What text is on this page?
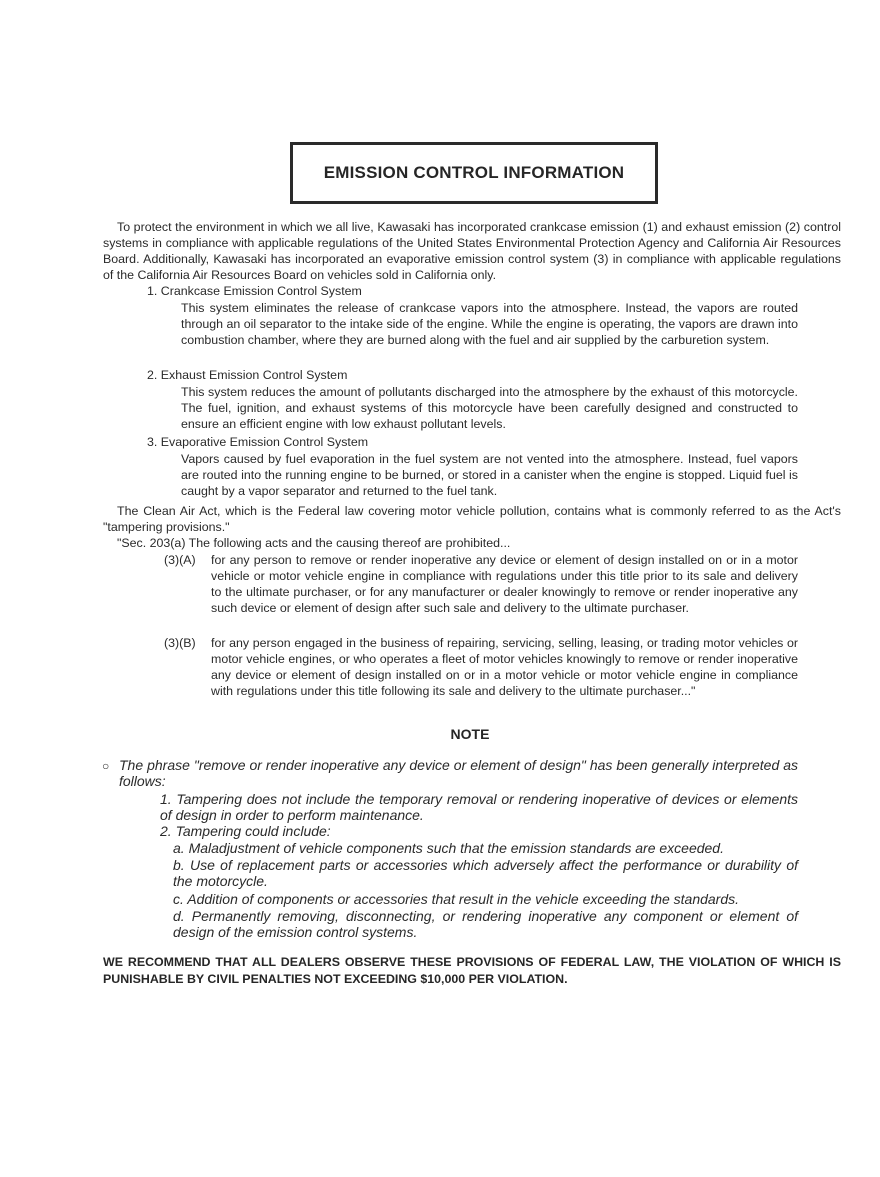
EMISSION CONTROL INFORMATION
To protect the environment in which we all live, Kawasaki has incorporated crankcase emission (1) and exhaust emission (2) control systems in compliance with applicable regulations of the United States Environmental Protection Agency and California Air Resources Board. Additionally, Kawasaki has incorporated an evaporative emission control system (3) in compliance with applicable regulations of the California Air Resources Board on vehicles sold in California only.
1. Crankcase Emission Control System
This system eliminates the release of crankcase vapors into the atmosphere. Instead, the vapors are routed through an oil separator to the intake side of the engine. While the engine is operating, the vapors are drawn into combustion chamber, where they are burned along with the fuel and air supplied by the carburetion system.
2. Exhaust Emission Control System
This system reduces the amount of pollutants discharged into the atmosphere by the exhaust of this motorcycle. The fuel, ignition, and exhaust systems of this motorcycle have been carefully designed and constructed to ensure an efficient engine with low exhaust pollutant levels.
3. Evaporative Emission Control System
Vapors caused by fuel evaporation in the fuel system are not vented into the atmosphere. Instead, fuel vapors are routed into the running engine to be burned, or stored in a canister when the engine is stopped. Liquid fuel is caught by a vapor separator and returned to the fuel tank.
The Clean Air Act, which is the Federal law covering motor vehicle pollution, contains what is commonly referred to as the Act's "tampering provisions."
"Sec. 203(a) The following acts and the causing thereof are prohibited...
(3)(A) for any person to remove or render inoperative any device or element of design installed on or in a motor vehicle or motor vehicle engine in compliance with regulations under this title prior to its sale and delivery to the ultimate purchaser, or for any manufacturer or dealer knowingly to remove or render inoperative any such device or element of design after such sale and delivery to the ultimate purchaser.
(3)(B) for any person engaged in the business of repairing, servicing, selling, leasing, or trading motor vehicles or motor vehicle engines, or who operates a fleet of motor vehicles knowingly to remove or render inoperative any device or element of design installed on or in a motor vehicle or motor vehicle engine in compliance with regulations under this title following its sale and delivery to the ultimate purchaser..."
NOTE
○ The phrase "remove or render inoperative any device or element of design" has been generally interpreted as follows:
1. Tampering does not include the temporary removal or rendering inoperative of devices or elements of design in order to perform maintenance.
2. Tampering could include:
a. Maladjustment of vehicle components such that the emission standards are exceeded.
b. Use of replacement parts or accessories which adversely affect the performance or durability of the motorcycle.
c. Addition of components or accessories that result in the vehicle exceeding the standards.
d. Permanently removing, disconnecting, or rendering inoperative any component or element of design of the emission control systems.
WE RECOMMEND THAT ALL DEALERS OBSERVE THESE PROVISIONS OF FEDERAL LAW, THE VIOLATION OF WHICH IS PUNISHABLE BY CIVIL PENALTIES NOT EXCEEDING $10,000 PER VIOLATION.
